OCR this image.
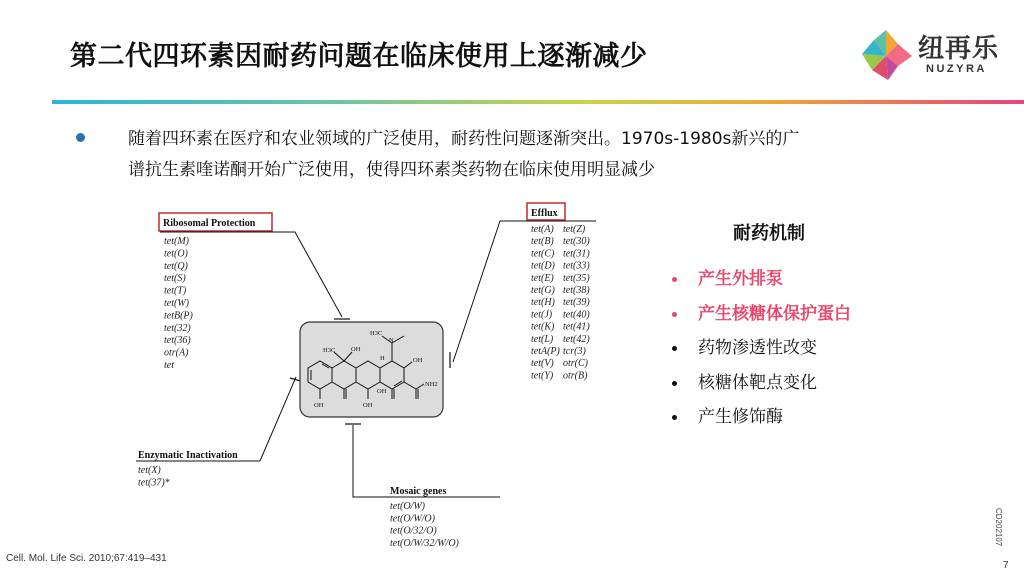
第二代四环素因耐药问题在临床使用上逐渐减少	纽再乐
NUZYRA
随着四环素在医疗和农业领域的广泛使用，耐药性问题逐渐突出。1970s-1980s新兴的广
谱抗生素喹诺酮开始广泛使用，使得四环素类药物在临床使用明显减少
Ribosomal Protection
tet(M)
tet(O)
tet(Q)
tet(S)
tet(T)
tet(W)
tetB(P)
tet(32)
tet(36)
otr(A)
tet
Efflux
tet(A) tet(Z)
tet(B) tet(30)
tet(C) tet(31)
tet(D) tet(33)
tet(E) tet(35)
tet(G) tet(38)
tet(H) tet(39)
tet(J) tet(40)
tet(K) tet(41)
tet(L) tet(42)
tetA(P) tcr(3)
tet(V) otr(C)
tet(Y) otr(B)
Enzymatic Inactivation
tet(X)
tet(37)*
Mosaic genes
tet(O/W)
tet(O/W/O)
tet(O/32/O)
tet(O/W/32/W/O)
H3C OH
N
H3C
H	OH
NH2
OH	OH
OH
耐药机制
产生外排泵
产生核糖体保护蛋白
药物渗透性改变
核糖体靶点变化
产生修饰酶
Cell. Mol. Life Sci. 2010;67:419–431
CD202107
7
